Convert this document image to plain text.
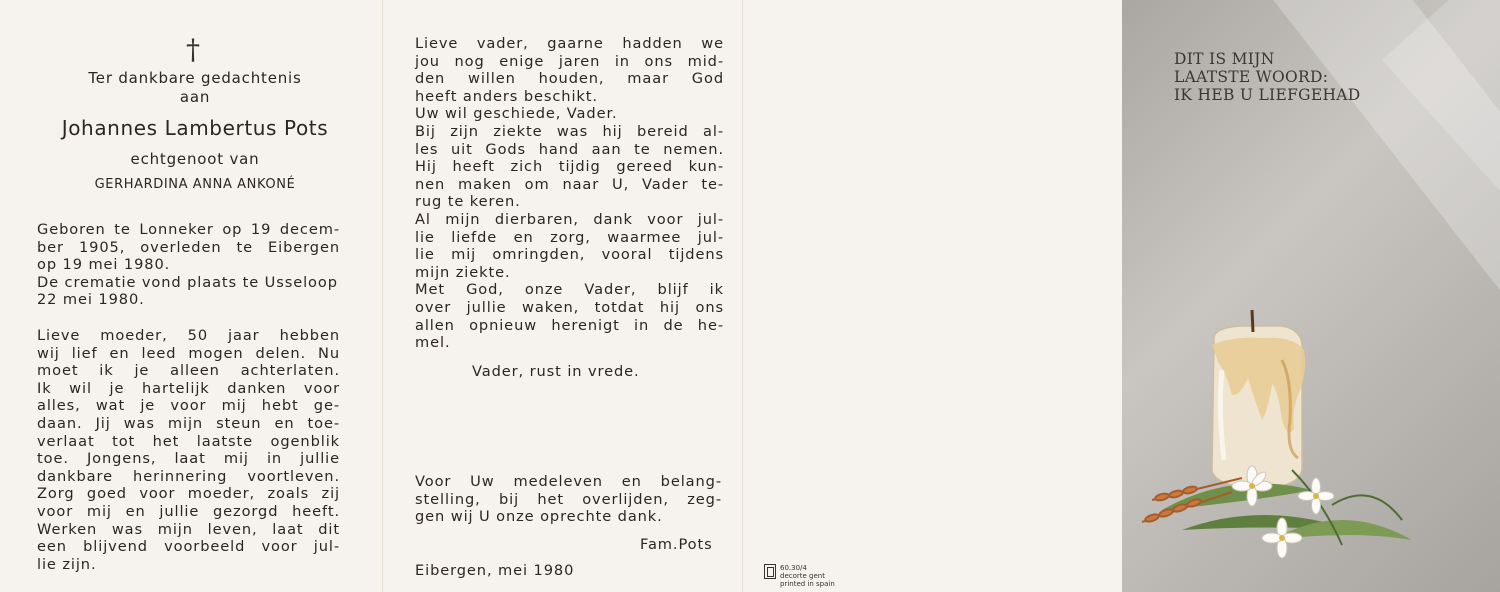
†
Ter dankbare gedachtenis
aan
Johannes Lambertus Pots
echtgenoot van
GERHARDINA ANNA ANKONÉ
Geboren te Lonneker op 19 decem-
ber 1905, overleden te Eibergen
op 19 mei 1980.
De crematie vond plaats te Usseloop
22 mei 1980.
Lieve moeder, 50 jaar hebben
wij lief en leed mogen delen. Nu
moet ik je alleen achterlaten.
Ik wil je hartelijk danken voor
alles, wat je voor mij hebt ge-
daan. Jij was mijn steun en toe-
verlaat tot het laatste ogenblik
toe. Jongens, laat mij in jullie
dankbare herinnering voortleven.
Zorg goed voor moeder, zoals zij
voor mij en jullie gezorgd heeft.
Werken was mijn leven, laat dit
een blijvend voorbeeld voor jul-
lie zijn.
Lieve vader, gaarne hadden we
jou nog enige jaren in ons mid-
den willen houden, maar God
heeft anders beschikt.
Uw wil geschiede, Vader.
Bij zijn ziekte was hij bereid al-
les uit Gods hand aan te nemen.
Hij heeft zich tijdig gereed kun-
nen maken om naar U, Vader te-
rug te keren.
Al mijn dierbaren, dank voor jul-
lie liefde en zorg, waarmee jul-
lie mij omringden, vooral tijdens
mijn ziekte.
Met God, onze Vader, blijf ik
over jullie waken, totdat hij ons
allen opnieuw herenigt in de he-
mel.
Vader, rust in vrede.
Voor Uw medeleven en belang-
stelling, bij het overlijden, zeg-
gen wij U onze oprechte dank.
Fam.Pots
Eibergen, mei 1980	60.30/4
decorte gent
printed in spain
DIT IS MIJN
LAATSTE WOORD:
IK HEB U LIEFGEHAD
